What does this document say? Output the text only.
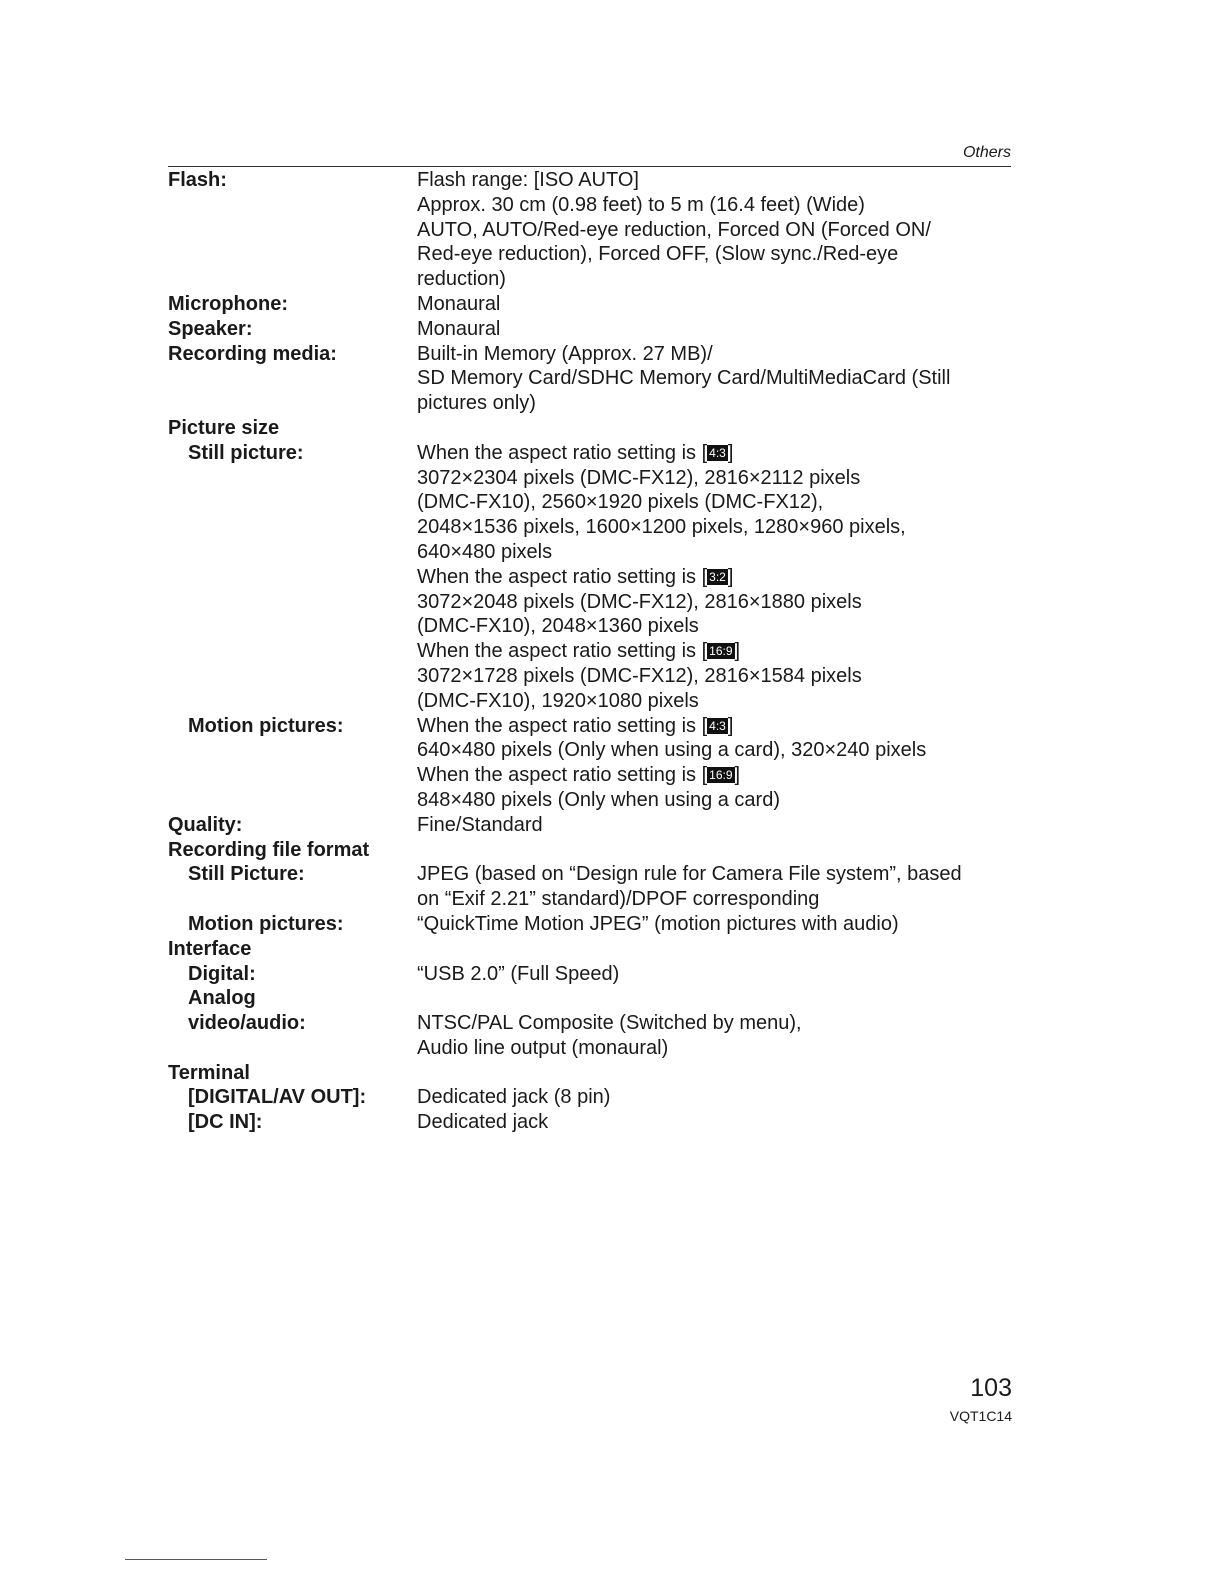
Others
Flash:	Flash range: [ISO AUTO]
Approx. 30 cm (0.98 feet) to 5 m (16.4 feet) (Wide)
AUTO, AUTO/Red-eye reduction, Forced ON (Forced ON/
Red-eye reduction), Forced OFF, (Slow sync./Red-eye
reduction)
Microphone:	Monaural
Speaker:	Monaural
Recording media:	Built-in Memory (Approx. 27 MB)/
SD Memory Card/SDHC Memory Card/MultiMediaCard (Still
pictures only)
Picture size
Still picture:	When the aspect ratio setting is [ 4:3 ]
3072×2304 pixels (DMC-FX12), 2816×2112 pixels
(DMC-FX10), 2560×1920 pixels (DMC-FX12),
2048×1536 pixels, 1600×1200 pixels, 1280×960 pixels,
640×480 pixels
When the aspect ratio setting is [ 3:2 ]
3072×2048 pixels (DMC-FX12), 2816×1880 pixels
(DMC-FX10), 2048×1360 pixels
When the aspect ratio setting is [ 16:9 ]
3072×1728 pixels (DMC-FX12), 2816×1584 pixels
(DMC-FX10), 1920×1080 pixels
Motion pictures:	When the aspect ratio setting is [ 4:3 ]
640×480 pixels (Only when using a card), 320×240 pixels
When the aspect ratio setting is [ 16:9 ]
848×480 pixels (Only when using a card)
Quality:	Fine/Standard
Recording file format
Still Picture:	JPEG (based on “Design rule for Camera File system”, based
on “Exif 2.21” standard)/DPOF corresponding
Motion pictures:	“QuickTime Motion JPEG” (motion pictures with audio)
Interface
Digital:	“USB 2.0” (Full Speed)
Analog
video/audio:
	NTSC/PAL Composite (Switched by menu),
Audio line output (monaural)
Terminal
[DIGITAL/AV OUT]:	Dedicated jack (8 pin)
[DC IN]:	Dedicated jack
103
VQT1C14
